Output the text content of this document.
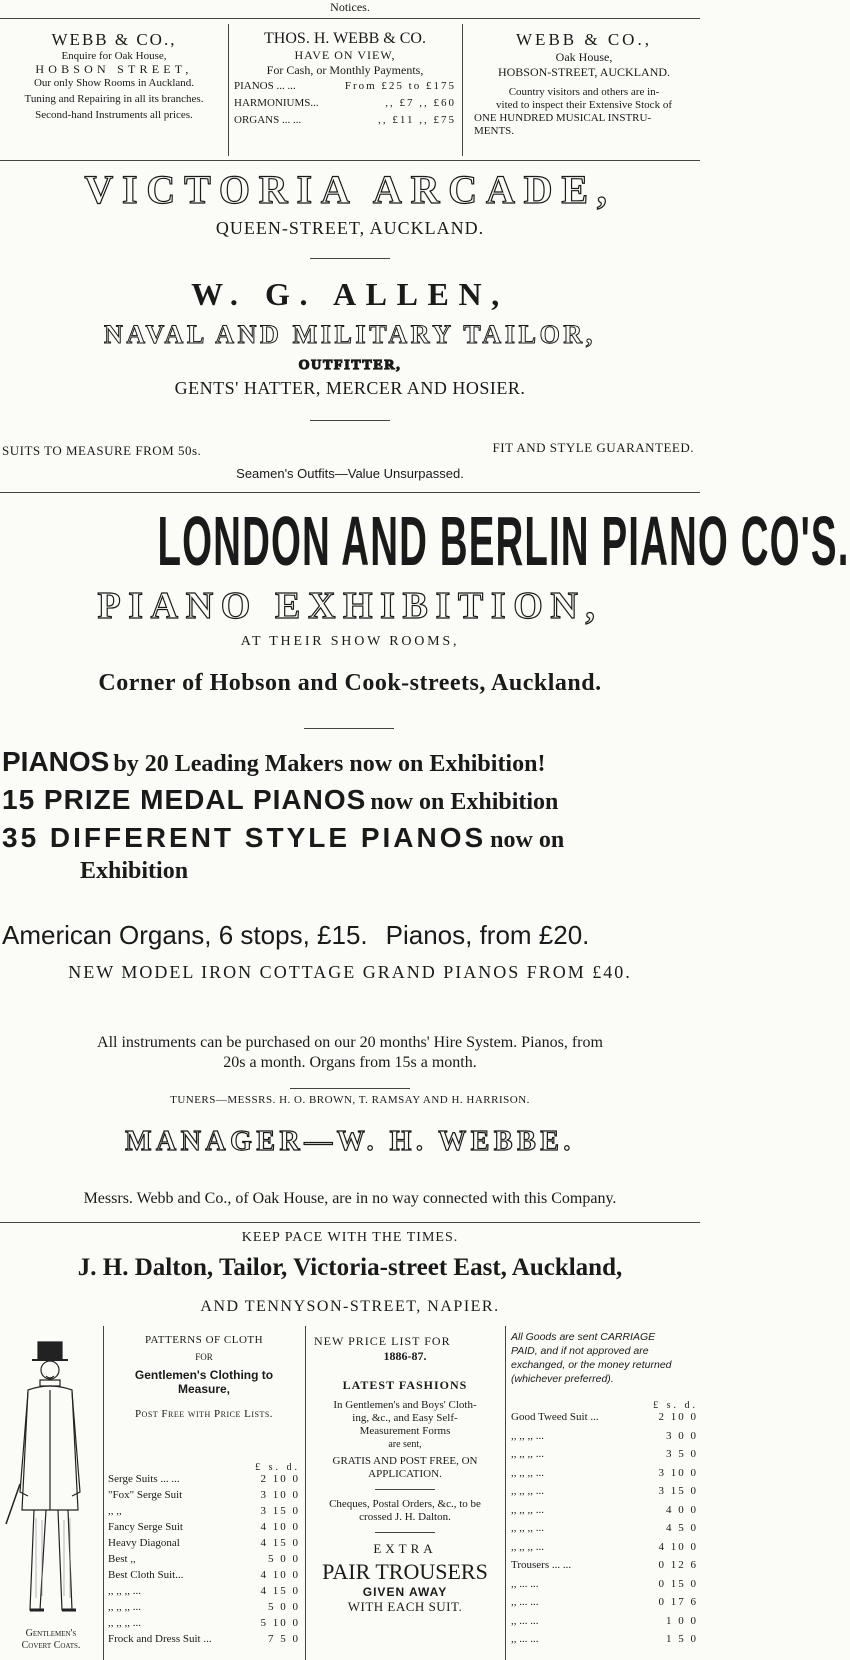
Notices.
WEBB & CO.,
Enquire for Oak House,
HOBSON STREET,
Our only Show Rooms in Auckland.
Tuning and Repairing in all its branches.
Second-hand Instruments all prices.
THOS. H. WEBB & CO.
HAVE ON VIEW,
For Cash, or Monthly Payments,
PIANOS ... ...	From £25 to £175
HARMONIUMS...	,, £7 ,, £60
ORGANS ... ...	,, £11 ,, £75
WEBB & CO.,
Oak House,
HOBSON-STREET, AUCKLAND.
Country visitors and others are in-
vited to inspect their Extensive Stock of
ONE HUNDRED MUSICAL INSTRU-
MENTS.
VICTORIA ARCADE,
QUEEN-STREET, AUCKLAND.
W. G. ALLEN,
NAVAL AND MILITARY TAILOR,
OUTFITTER,
GENTS' HATTER, MERCER AND HOSIER.
SUITS TO MEASURE FROM 50s.	FIT AND STYLE GUARANTEED.
Seamen's Outfits—Value Unsurpassed.
LONDON AND BERLIN PIANO CO'S.
PIANO EXHIBITION,
AT THEIR SHOW ROOMS,
Corner of Hobson and Cook-streets, Auckland.
PIANOS by 20 Leading Makers now on Exhibition!
15 PRIZE MEDAL PIANOS now on Exhibition
35 DIFFERENT STYLE PIANOS now on
Exhibition
American Organs, 6 stops, £15. Pianos, from £20.
NEW MODEL IRON COTTAGE GRAND PIANOS FROM £40.
All instruments can be purchased on our 20 months' Hire System. Pianos, from
20s a month. Organs from 15s a month.
TUNERS—MESSRS. H. O. BROWN, T. RAMSAY AND H. HARRISON.
MANAGER—W. H. WEBBE.
Messrs. Webb and Co., of Oak House, are in no way connected with this Company.
KEEP PACE WITH THE TIMES.
J. H. Dalton, Tailor, Victoria-street East, Auckland,
AND TENNYSON-STREET, NAPIER.
Gentlemen's
Covert Coats.
PATTERNS OF CLOTH
FOR
Gentlemen's Clothing to
Measure,
Post Free with Price Lists.
£ s. d.
Serge Suits ... ...	2 10 0
"Fox" Serge Suit	3 10 0
,, ,,	3 15 0
Fancy Serge Suit	4 10 0
Heavy Diagonal	4 15 0
Best ,,	5 0 0
Best Cloth Suit...	4 10 0
,, ,, ,, ...	4 15 0
,, ,, ,, ...	5 0 0
,, ,, ,, ...	5 10 0
Frock and Dress Suit ...	7 5 0
NEW PRICE LIST FOR
1886-87.
LATEST FASHIONS
In Gentlemen's and Boys' Cloth-
ing, &c., and Easy Self-
Measurement Forms
are sent,
GRATIS AND POST FREE, ON
APPLICATION.
Cheques, Postal Orders, &c., to be
crossed J. H. Dalton.
EXTRA
PAIR TROUSERS
GIVEN AWAY
WITH EACH SUIT.
All Goods are sent CARRIAGE
PAID, and if not approved are
exchanged, or the money returned
(whichever preferred).
£ s. d.
Good Tweed Suit ...	2 10 0
,, ,, ,, ...	3 0 0
,, ,, ,, ...	3 5 0
,, ,, ,, ...	3 10 0
,, ,, ,, ...	3 15 0
,, ,, ,, ...	4 0 0
,, ,, ,, ...	4 5 0
,, ,, ,, ...	4 10 0
Trousers ... ...	0 12 6
,, ... ...	0 15 0
,, ... ...	0 17 6
,, ... ...	1 0 0
,, ... ...	1 5 0
